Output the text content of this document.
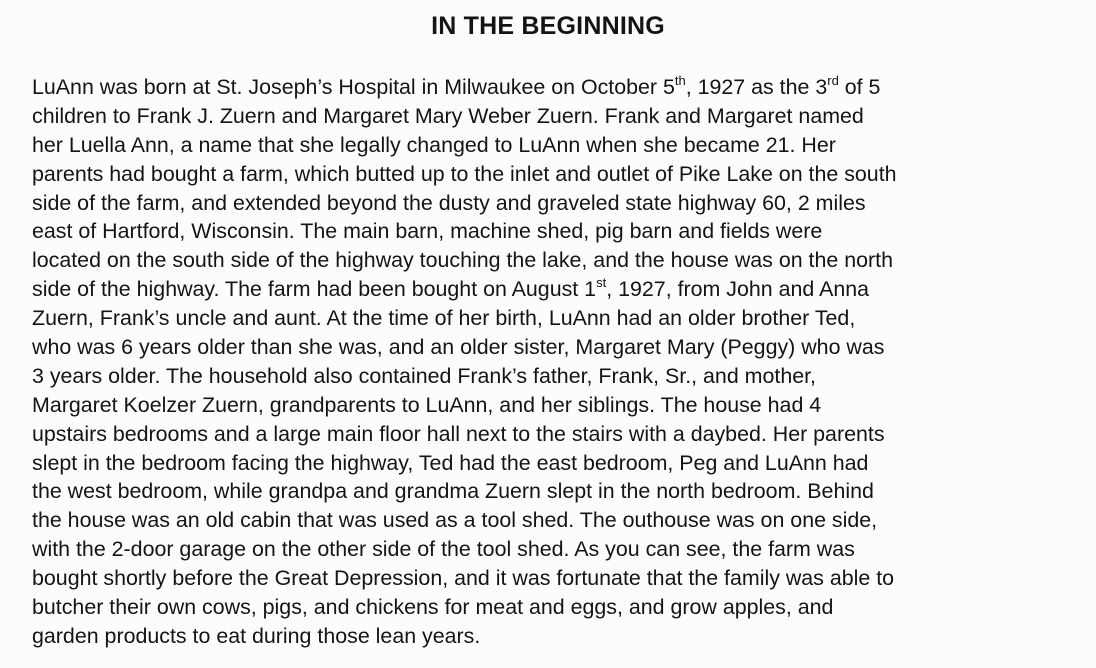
IN THE BEGINNING
LuAnn was born at St. Joseph’s Hospital in Milwaukee on October 5th, 1927 as the 3rd of 5
children to Frank J. Zuern and Margaret Mary Weber Zuern. Frank and Margaret named
her Luella Ann, a name that she legally changed to LuAnn when she became 21. Her
parents had bought a farm, which butted up to the inlet and outlet of Pike Lake on the south
side of the farm, and extended beyond the dusty and graveled state highway 60, 2 miles
east of Hartford, Wisconsin. The main barn, machine shed, pig barn and fields were
located on the south side of the highway touching the lake, and the house was on the north
side of the highway. The farm had been bought on August 1st, 1927, from John and Anna
Zuern, Frank’s uncle and aunt. At the time of her birth, LuAnn had an older brother Ted,
who was 6 years older than she was, and an older sister, Margaret Mary (Peggy) who was
3 years older. The household also contained Frank’s father, Frank, Sr., and mother,
Margaret Koelzer Zuern, grandparents to LuAnn, and her siblings. The house had 4
upstairs bedrooms and a large main floor hall next to the stairs with a daybed. Her parents
slept in the bedroom facing the highway, Ted had the east bedroom, Peg and LuAnn had
the west bedroom, while grandpa and grandma Zuern slept in the north bedroom. Behind
the house was an old cabin that was used as a tool shed. The outhouse was on one side,
with the 2-door garage on the other side of the tool shed. As you can see, the farm was
bought shortly before the Great Depression, and it was fortunate that the family was able to
butcher their own cows, pigs, and chickens for meat and eggs, and grow apples, and
garden products to eat during those lean years.
